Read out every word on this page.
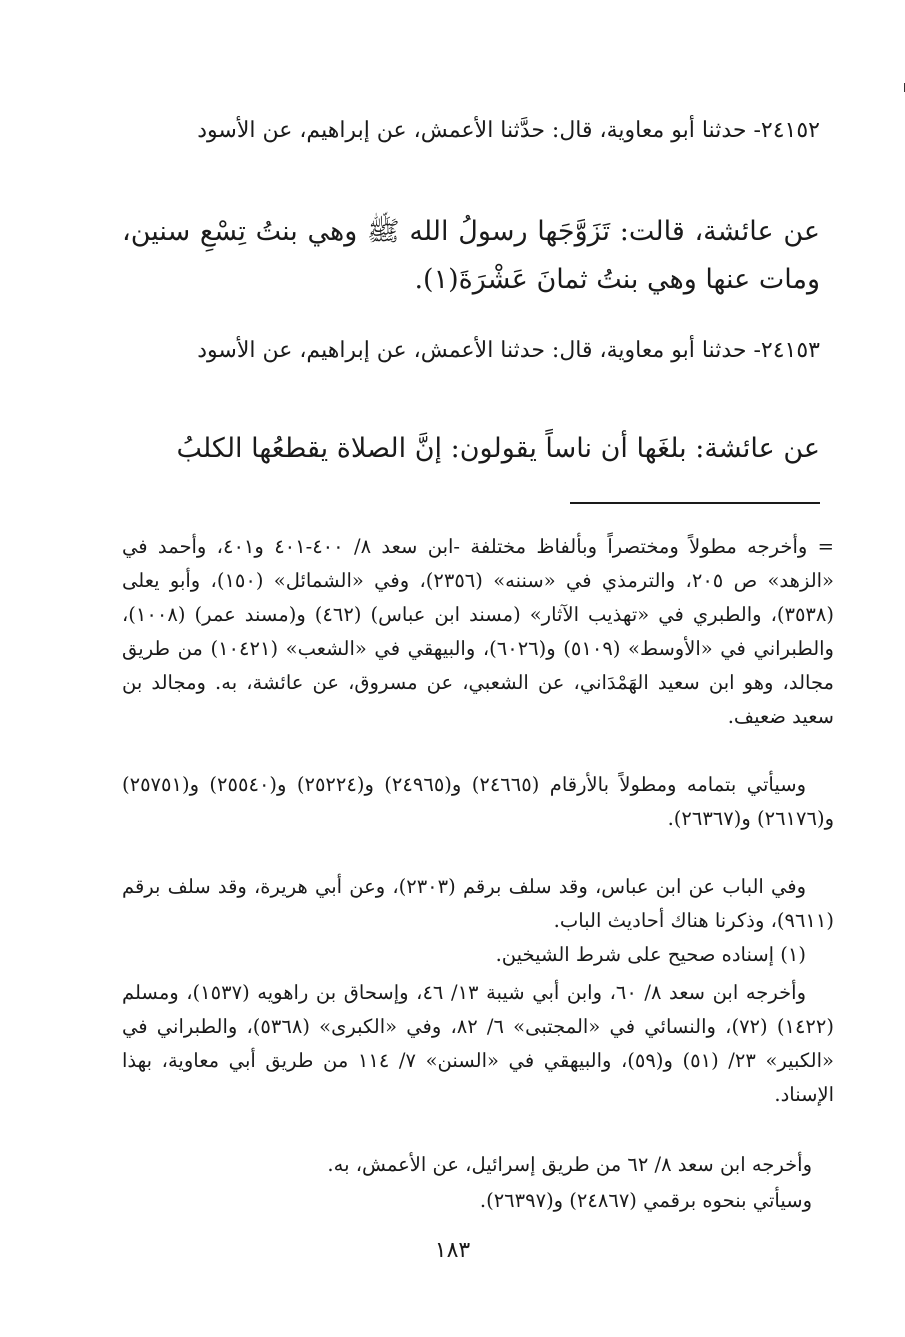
٢٤١٥٢- حدثنا أبو معاوية، قال: حدَّثنا الأعمش، عن إبراهيم، عن الأسود

عن عائشة، قالت: تَزَوَّجَها رسولُ الله ﷺ وهي بنتُ تِسْعِ سنين، ومات عنها وهي بنتُ ثمانَ عَشْرَةَ(١).

٢٤١٥٣- حدثنا أبو معاوية، قال: حدثنا الأعمش، عن إبراهيم، عن الأسود

عن عائشة: بلغَها أن ناساً يقولون: إنَّ الصلاة يقطعُها الكلبُ

= وأخرجه مطولاً ومختصراً وبألفاظ مختلفة -ابن سعد ٨/ ٤٠٠-٤٠١ و٤٠١، وأحمد في «الزهد» ص ٢٠٥، والترمذي في «سننه» (٢٣٥٦)، وفي «الشمائل» (١٥٠)، وأبو يعلى (٣٥٣٨)، والطبري في «تهذيب الآثار» (مسند ابن عباس) (٤٦٢) و(مسند عمر) (١٠٠٨)، والطبراني في «الأوسط» (٥١٠٩) و(٦٠٢٦)، والبيهقي في «الشعب» (١٠٤٢١) من طريق مجالد، وهو ابن سعيد الهَمْدَاني، عن الشعبي، عن مسروق، عن عائشة، به. ومجالد بن سعيد ضعيف.

وسيأتي بتمامه ومطولاً بالأرقام (٢٤٦٦٥) و(٢٤٩٦٥) و(٢٥٢٢٤) و(٢٥٥٤٠) و(٢٥٧٥١) و(٢٦١٧٦) و(٢٦٣٦٧).

وفي الباب عن ابن عباس، وقد سلف برقم (٢٣٠٣)، وعن أبي هريرة، وقد سلف برقم (٩٦١١)، وذكرنا هناك أحاديث الباب.

(١) إسناده صحيح على شرط الشيخين.

وأخرجه ابن سعد ٨/ ٦٠، وابن أبي شيبة ١٣/ ٤٦، وإسحاق بن راهويه (١٥٣٧)، ومسلم (١٤٢٢) (٧٢)، والنسائي في «المجتبى» ٦/ ٨٢، وفي «الكبرى» (٥٣٦٨)، والطبراني في «الكبير» ٢٣/ (٥١) و(٥٩)، والبيهقي في «السنن» ٧/ ١١٤ من طريق أبي معاوية، بهذا الإسناد.

وأخرجه ابن سعد ٨/ ٦٢ من طريق إسرائيل، عن الأعمش، به.

وسيأتي بنحوه برقمي (٢٤٨٦٧) و(٢٦٣٩٧).

١٨٣
